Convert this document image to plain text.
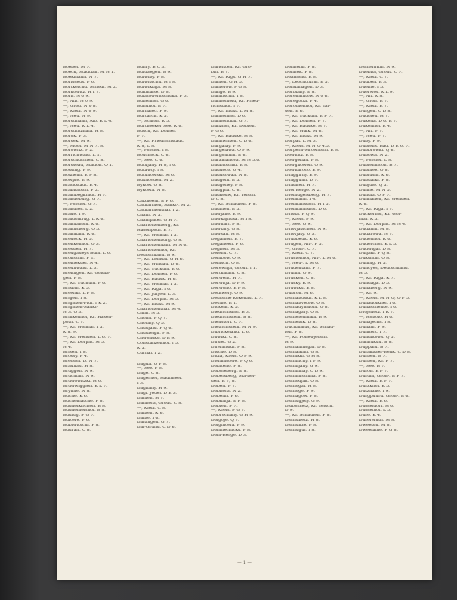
Boebel. M 7.
Boeck, Stadtian. M N 1.
Boekmann. N 7.
Borisseus. P 6.
Bortkeichu. Schödl. M 2.
Borkowitz. H I 7.
Born. N 0 9.
—, Alb. N 0 9.
—, Grod. N 0 8.
—, Kleiz. N 0 9.
—, Neu. N 9.
Borstmann, Alb. K L 4.
—, Neu. K L 4.
Borstnitzhala. H 8.
Borok. P 3.
Borsek. M 9.
—, Moor. M N 7. 8.
Borowitz. P 2.
Borrichwald. L 1.
Borschütchen. C 8.
Borsseau, Station. O 1.
Bossing. P 9.
Boxhelm. E F 8.
Bowple. E 9.
Brackstädt. E 4.
Brabbatsch. F 2.
Brambegkradt. H 7.
Brandeburg. G 7.
—, Forstel. G 7.
Brandies. L 2.
Brade. I 9.
Braidolkrug. L K 6.
Bramlahom. K 6.
Brannsberg. O 5.
Bramkahl. K 6.
Bredeck. H 5.
Brenkenhof. O 3.
Bresden. H 7.
Breugadeys Buln. L 6.
Brollschn. P 1.
Bremekuel. N 4.
Breunwald. L 3.
Brenligen. Kr. Goldla-
gen. P 8.
—, Kr. Tuchum. F 6.
Brisbin. K 5.
Brewikl. L P 8.
Brigen. I 8.
Brigitten-Fidl. I K 2.
Brigitten-Sankt-
N 3. O 3.
Brinkenhof, Kr. Hasen-
poth. C 7.
—, Kr. Wolmar. I 5.
K 8. 9.
—, Kr. Wenden. L 6. 7.
—, Kr. Dorpat. M 5.
N 4.
Brisen. I 8.
Brossy. P 4.
Bretson. D. N 7.
Braunau. H 8.
Bruggen. N 9.
Brucman. N 9.
Bruwowitzki. H 6.
Bruwwiggien. K L 7.
Brynne. N 8.
Buche. K 6.
Buchematche. P 8.
Buddelkirchen. B 8.
Buddenfelshof. B 8.
Budlug. F G 7.
Bulowe. P 6.
Bublwitschi. P 8.
Budrait. C 8.
Buhry. B C 3.
Buluaegen. B 9.
Bulwiby. F 8.
Bulwitschü. H I 8.
Bulwiklaja. M 8.
Bukmaise. D 8.
Bulatowwitschüka. P 3.
Bullenhof. G 6.
Bundhof. E 7.
Burhalec. F 9.
Burtarch. K 5.
—, Schloß. K 5.
Burtneeker See. K 6.
Busch, Kr. Dobler.
F 7.
—, Kr. Friedrichstadt.
K 8, L 8.
—, Forstel. I 8.
Bouchock. C 6.
—, See. C 6.
Butujany. H 8, I 6.
Butawty. I 8.
Butuhowski. M 6.
Buxhovden. M 2.
Bykow. O 8.
Bykowa. N 8.
Calzneem. E F 6.
Catharinen, Sankt-. M 2.
Catharinenthal. I 2.
Chaili. N 5.
Champater. G H 7.
Charlottenberg, Kr.
Hasenpoth. E 7.
—, Kr. Wolmar. I 5.
Charlottenburg. O 8.
Charlottenhain. M N 6.
Charlottenhof, Kr.
Deutschland. B 9.
—, Kr. Lemsal. G H 6.
—, Kr. Windau. D 6.
—, Kr. Tuckum. E 6.
—, Kr. Doblen. F 6.
—, Kr. Bausk. H 6.
—, Kr. Wolmar. I 5.
—, Kr. Riga. I 6.
—, Kr. Jurjew. L 3.
—, Kr. Dorpat. M 5.
—, Kr. Illuxt. M 9.
Charlottenthal. M 4.
Chim. N 5.
Cholm. P Q 7.
Chotiny. Q 5.
Chudjald. P Q 6.
Chudleigh. P 8.
Chwolisko. D E 9.
Constanzenhof. I 5.
K 5.
Curnal. I 2.
Dagda. O P 8.
—, See. P 8.
Dage. C 8.
Dagernet, Hadimeel.
I 3.
Dagliany. H 9.
Dagl. Jeuel. D E 3.
Dahlen. H 7.
Dahnera, Grodt. C 8.
—, Kleiz. C 8.
Daiben. K 6.
Dalbe. I 6.
Daltingen. G 7.
Dal-Grund. C D 6.
Dalwitten. Kr. Gro-
bin. B 7.
—, Kr. Rigs. G H 7.
Damen. G H 5.
Damerow. F G 8.
Dange. B 9.
Danillschii. I 8.
Dannenfeld, Kr. Fried-
richstadt. I 7.
—, Kr. Illuxt. L M 8.
Dannenhof. D 6.
Dannenthal. G 7.
Danzhof, Kr. Doblen.
F G 6.
—, Kr. Bauske. H 8.
Dannwitten. C D 6.
Dargaiay. F 9.
Dargelawa. O P 9.
Dargoninm. E 6.
Daramanova. M N 5.6.
Daubitschki. E 8.
Daudeco. O 4.
Daudscwaa. N 8.
Daugeln. E 5.
Daugeney. P 8.
Daugpia. C 6.
Daukedw, Kr. Telsch.
D C 8.
—, Kr. Schaulen. F 8.
Dauflien. E 5.
Dawjane. E 9.
Dawkajnusa. H I 8.
Dawnari. F 8.
Dawtary. G 8.
Dawsan. H 8.
Degahlen. E 7.
Degaheen. F 6.
Degnen. M 3.
Delenu. C 7.
Dembow. O 9.
Demsch. O 8.
Derewnja, Grodt. I 1.
Dertkinam. C 8.
Derwent. H 7.
Derwnja. D F 9.
Derwono. E F 8.
Dethwery. O 9.
Deutsche Kokenau. L 7.
Deville. E 1.
Dickeln. K 5.
Diedrichshof. B 3.
Diedrichstein. B 8.
Dienstorf. C 7.
Dietrichstein. M N 9.
Dibrickeland. L 6.
Dilwiki. C 8.
Dirdet. G 2.
Dirwanskii. F 8.
Dische. D 8.
Ditza, Kreis. O P 9.
Diwanisowe. P Q 6.
Dolateno. F 8.
Doboleberg. E 8.
Dobelsberg, Sta-bei-
den. E 7, 8.
Doben. F 7.
Dobhera. N 2.
Dobelin. P 6.
Dobkinja. E F 8.
Doblen. F 7.
—, Kreis. F G 7.
Dobrochany. G H 9.
Dolgöje. Q 7.
Dolginowa. P 9.
Domnechicks. P 8.
Dom-Berge. D 3.
Donnelhl. F 8.
Donnek. F 8.
Doamond. E 8.
—, Leochtturm. E 5.
Dondanagen. D 3.
Dorblany. E 8.
Dorehmiltow. N 0 6.
Doregotta. P 4.
Dorothenhof, Kr. Tal-
sen. E 6.
—, Kr. Tuckum. E F 7.
—, Kr. Doblen. F 7.
—, Kr. Bauske. H 7.
—, Kr. Walk. M 6.
—, Kr. Illuxt. M 9.
Dorpat. L M 3.
—, Kreis. M N O 4.5.
Dörpern-Mrowitsch. E 8.
Downitz. E 8.
Dowgelian. F 8.
Dowgilowen. O 9.
Downaroco. E 9.
Draggirny. E 9.
Dragguhn. D 7.
Dradhen. H 7.
Drei Berge. N 2.
Dreiflügelsberg. H 7.
Dreimann. I 4.
Dreimansdorf. H I 5.
Dreimannshof. D 6.
Drissa. P Q 9.
—, Kreis. P 9.
—, See. O 9.
Drisvjatschen. N 9.
Drisvjaty. O 3.
Drubbeuk. K 6.
Drugen, Alt-. P 5.
—, Groß-. C 7.
—, Kleiz. C 7.
Drustenhof, Alt-. L M 6.
—, Neu-. L M 6.
Drudentahl. F 7.
Drullin. O 9.
Drusken. C 8.
Drusky. K 9.
Druwiku. E 8.
Dubron. M 6.
Dschabuskii. K L 8.
Dschabvetow. O 8.
Dschadymdoln. O 8.
Dschagary. O 8.
Dschefehmikii. B 9.
Dschebik. D 8.
Duchaimus, Kr. Schau-
len. F 8.
—, Kr. Ponewjetsch.
H 9.
Dschalinisgar. D 8.
Dschalkini. G 8.
Dschikki. G H 8.
Dschlifchy. I P 9.
Dschiljany. G 9.
Dschillifay. C D 9.
Dschmfschina. F 8.
Dschodjak. O 8.
Dschogal. H 8.
Dschoge. F 9.
Dschagow. P 8.
Dschugjely. G 9.
Dsiborzetz, Kr. Telsch.
D 9.
—, Kr. Schaulen. F 8.
Dschubetz. H 8.
Dschunze. F 8.
Dschugur. I 8.
— 1 —
Dschwirkin. N 9.
Duebba, Grodt. C 7.
—, Kleiz. C 7.
Duuben. E 3.
Dueine. I 5.
Duerwes. K L 9.
—, Alt. K 8.
—, Groß. E 7.
—, Kleiz. E 7.
Dürgen. C D 8.
Dudoleü. H 7.
Dükena. D 6. E 7.
Dükenhof. E 4.
—, Alt. F 7.
—, Neu. F 7.
Duby. F 9.
Dubiells. Bad. D E 6. 7.
Dubbrowki. Q 6.
Dubowa. N 2.
—, Forstel. L 8.
Dubienhicon. B 7.
Dubinee. O 8.
Dubiushi. K 6.
Dubuaiki. F 8.
Dubjuie. Q 5.
Duhne. M N 5.
Duliuia. O P 7.
Duhnalien, Kr. Wenden.
K 6.
—, Kr. Riga. I 7.
Duckerhof, Kr. Wol-
mar. K 5.
—, Kr. Dorpat. M N 4.
Dudanni. M 8.
Dudarowa. N 7.
Dudenhof. K 6.
Duderchof. K L 5.
Dudwigal. D 8.
Dufjaki. P Q 8.
Dukshtin. O 8.
Dulling. H 5.
Duncyes, Deutschland.
H 5.
—, Kr. Riga. K 7.
Dundaga. D 5.
Dunaberg. N 9.
—, Kr. 9.
—, Kreis. M N O, O P 5.
Dünadolkfiel. I 6.
Dünaschente. I 6.
Drojsdetz. I K 7.
—, Hobolo. H 6.
Dunajecks. I 8.
Dunäm. F 9.
Dunkert. I 7.
Dundikows. Q 5.
Dannukuu. B 8.
Duppalu. B 7.
Durakbaer-Benk. C D 8.
Durben. B 7.
Durben, Kr. F 7.
—, See. B 7.
Duron. E F 7.
Durum, Groß-. E F 7.
—, Kleiz. E F 7.
Durzkhof. K 5.
Dutzhane. I 9.
Durgpuuru. Groß-. E 6.
—, Kleiz. E 6.
Dusseldorf. H 6.
Dusselhof. L 5.
Dure. K 4.
Durerwhtn. M 8.
Dweeton. M 8.
Dweelaine. F G 8.
